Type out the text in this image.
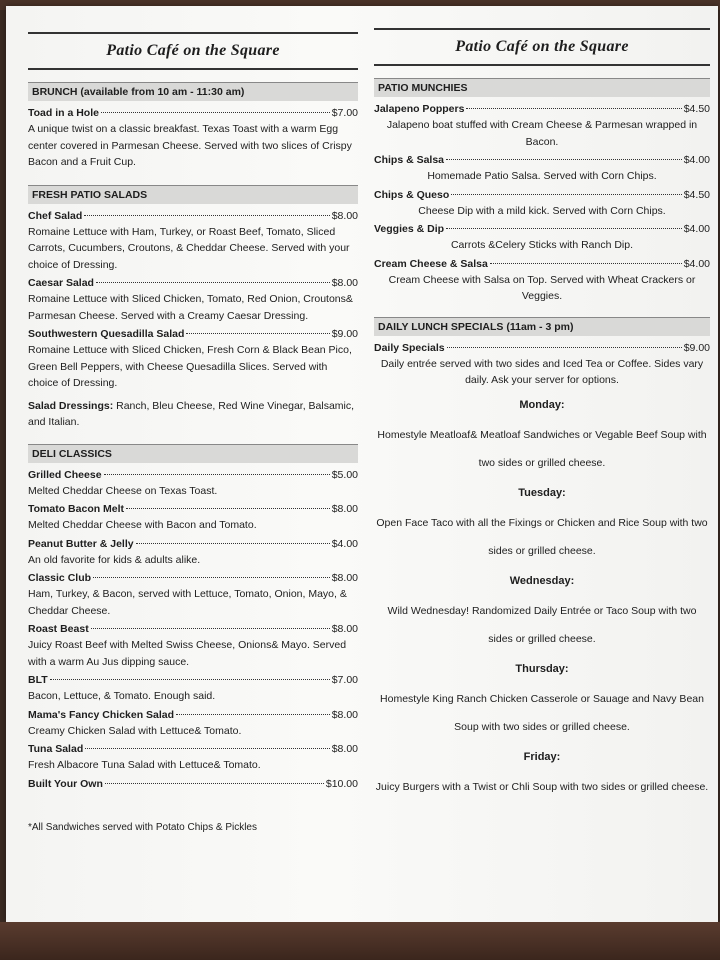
Patio Café on the Square
BRUNCH (available from 10 am - 11:30 am)
Toad in a Hole	$7.00
A unique twist on a classic breakfast. Texas Toast with a warm Egg center covered in Parmesan Cheese. Served with two slices of Crispy Bacon and a Fruit Cup.
FRESH PATIO SALADS
Chef Salad	$8.00
Romaine Lettuce with Ham, Turkey, or Roast Beef, Tomato, Sliced Carrots, Cucumbers, Croutons, & Cheddar Cheese. Served with your choice of Dressing.
Caesar Salad	$8.00
Romaine Lettuce with Sliced Chicken, Tomato, Red Onion, Croutons& Parmesan Cheese. Served with a Creamy Caesar Dressing.
Southwestern Quesadilla Salad	$9.00
Romaine Lettuce with Sliced Chicken, Fresh Corn & Black Bean Pico, Green Bell Peppers, with Cheese Quesadilla Slices. Served with choice of Dressing.
Salad Dressings: Ranch, Bleu Cheese, Red Wine Vinegar, Balsamic, and Italian.
DELI CLASSICS
Grilled Cheese	$5.00
Melted Cheddar Cheese on Texas Toast.
Tomato Bacon Melt	$8.00
Melted Cheddar Cheese with Bacon and Tomato.
Peanut Butter & Jelly	$4.00
An old favorite for kids & adults alike.
Classic Club	$8.00
Ham, Turkey, & Bacon, served with Lettuce, Tomato, Onion, Mayo, & Cheddar Cheese.
Roast Beast	$8.00
Juicy Roast Beef with Melted Swiss Cheese, Onions& Mayo. Served with a warm Au Jus dipping sauce.
BLT	$7.00
Bacon, Lettuce, & Tomato. Enough said.
Mama's Fancy Chicken Salad	$8.00
Creamy Chicken Salad with Lettuce& Tomato.
Tuna Salad	$8.00
Fresh Albacore Tuna Salad with Lettuce& Tomato.
Built Your Own	$10.00
*All Sandwiches served with Potato Chips & Pickles
Patio Café on the Square
PATIO MUNCHIES
Jalapeno Poppers	$4.50
Jalapeno boat stuffed with Cream Cheese & Parmesan wrapped in Bacon.
Chips & Salsa	$4.00
Homemade Patio Salsa. Served with Corn Chips.
Chips & Queso	$4.50
Cheese Dip with a mild kick. Served with Corn Chips.
Veggies & Dip	$4.00
Carrots &Celery Sticks with Ranch Dip.
Cream Cheese & Salsa	$4.00
Cream Cheese with Salsa on Top. Served with Wheat Crackers or Veggies.
DAILY LUNCH SPECIALS (11am - 3 pm)
Daily Specials	$9.00
Daily entrée served with two sides and Iced Tea or Coffee. Sides vary daily. Ask your server for options.
Monday:
Homestyle Meatloaf& Meatloaf Sandwiches or Vegable Beef Soup with two sides or grilled cheese.
Tuesday:
Open Face Taco with all the Fixings or Chicken and Rice Soup with two sides or grilled cheese.
Wednesday:
Wild Wednesday! Randomized Daily Entrée or Taco Soup with two sides or grilled cheese.
Thursday:
Homestyle King Ranch Chicken Casserole or Sauage and Navy Bean Soup with two sides or grilled cheese.
Friday:
Juicy Burgers with a Twist or Chli Soup with two sides or grilled cheese.
